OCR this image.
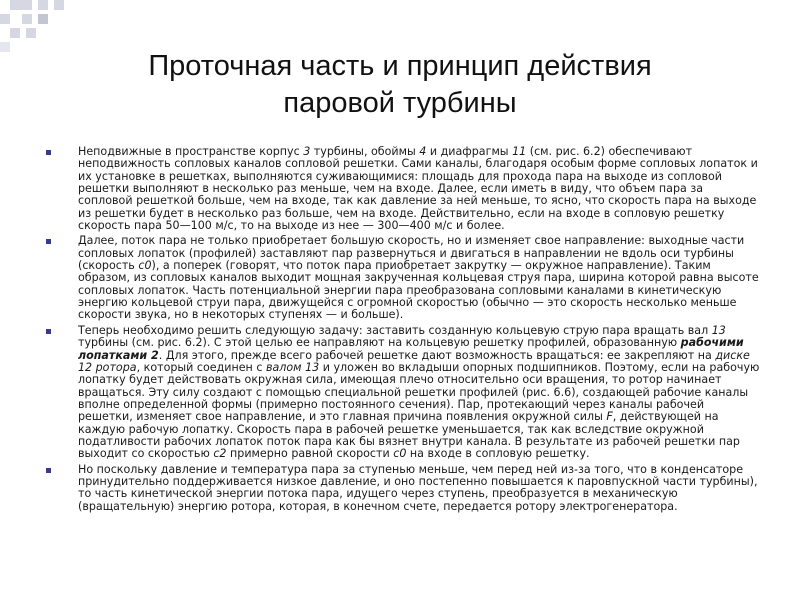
Проточная часть и принцип действия
паровой турбины
Неподвижные в пространстве корпус 3 турбины, обоймы 4 и диафрагмы 11 (см. рис. 6.2) обеспечивают неподвижность сопловых каналов сопловой решетки. Сами каналы, благодаря особым форме сопловых лопаток и их установке в решетках, выполняются суживающимися: площадь для прохода пара на выходе из сопловой решетки выполняют в несколько раз меньше, чем на входе. Далее, если иметь в виду, что объем пара за сопловой решеткой больше, чем на входе, так как давление за ней меньше, то ясно, что скорость пара на выходе из решетки будет в несколько раз больше, чем на входе. Действительно, если на входе в сопловую решетку скорость пара 50—100 м/с, то на выходе из нее — 300—400 м/с и более.
Далее, поток пара не только приобретает большую скорость, но и изменяет свое направление: выходные части сопловых лопаток (профилей) заставляют пар развернуться и двигаться в направлении не вдоль оси турбины (скорость с0), а поперек (говорят, что поток пара приобретает закрутку — окружное направление). Таким образом, из сопловых каналов выходит мощная закрученная кольцевая струя пара, ширина которой равна высоте сопловых лопаток. Часть потенциальной энергии пара преобразована сопловыми каналами в кинетическую энергию кольцевой струи пара, движущейся с огромной скоростью (обычно — это скорость несколько меньше скорости звука, но в некоторых ступенях — и больше).
Теперь необходимо решить следующую задачу: заставить созданную кольцевую струю пара вращать вал 13 турбины (см. рис. 6.2). С этой целью ее направляют на кольцевую решетку профилей, образованную рабочими лопатками 2. Для этого, прежде всего рабочей решетке дают возможность вращаться: ее закрепляют на диске 12 ротора, который соединен с валом 13 и уложен во вкладыши опорных подшипников. Поэтому, если на рабочую лопатку будет действовать окружная сила, имеющая плечо относительно оси вращения, то ротор начинает вращаться. Эту силу создают с помощью специальной решетки профилей (рис. 6.6), создающей рабочие каналы вполне определенной формы (примерно постоянного сечения). Пар, протекающий через каналы рабочей решетки, изменяет свое направление, и это главная причина появления окружной силы F, действующей на каждую рабочую лопатку. Скорость пара в рабочей решетке уменьшается, так как вследствие окружной податливости рабочих лопаток поток пара как бы вязнет внутри канала. В результате из рабочей решетки пар выходит со скоростью с2 примерно равной скорости с0 на входе в сопловую решетку.
Но поскольку давление и температура пара за ступенью меньше, чем перед ней из-за того, что в конденсаторе принудительно поддерживается низкое давление, и оно постепенно повышается к паровпускной части турбины), то часть кинетической энергии потока пара, идущего через ступень, преобразуется в механическую (вращательную) энергию ротора, которая, в конечном счете, передается ротору электрогенератора.
